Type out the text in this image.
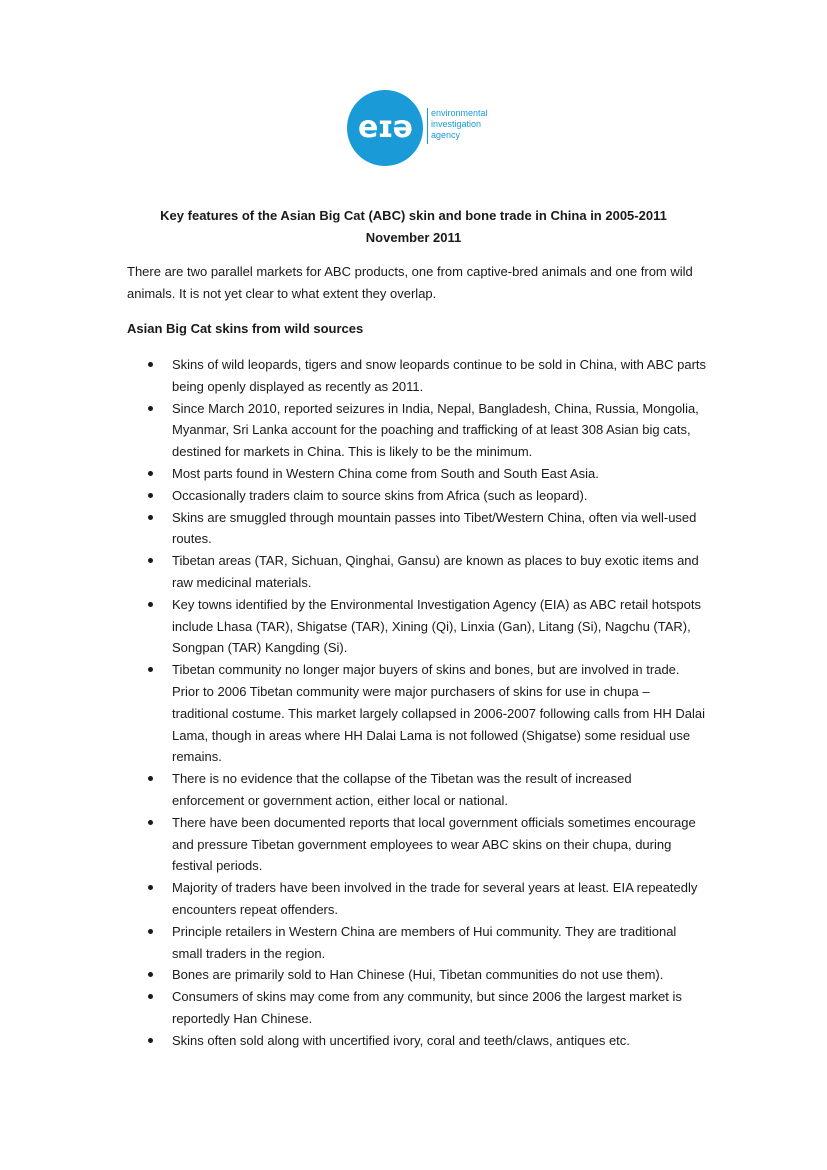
eɪə	environmental
investigation
agency
Key features of the Asian Big Cat (ABC) skin and bone trade in China in 2005-2011
November 2011

There are two parallel markets for ABC products, one from captive-bred animals and one from wild animals. It is not yet clear to what extent they overlap.

Asian Big Cat skins from wild sources
Skins of wild leopards, tigers and snow leopards continue to be sold in China, with ABC parts being openly displayed as recently as 2011.
Since March 2010, reported seizures in India, Nepal, Bangladesh, China, Russia, Mongolia, Myanmar, Sri Lanka account for the poaching and trafficking of at least 308 Asian big cats, destined for markets in China. This is likely to be the minimum.
Most parts found in Western China come from South and South East Asia.
Occasionally traders claim to source skins from Africa (such as leopard).
Skins are smuggled through mountain passes into Tibet/Western China, often via well-used routes.
Tibetan areas (TAR, Sichuan, Qinghai, Gansu) are known as places to buy exotic items and raw medicinal materials.
Key towns identified by the Environmental Investigation Agency (EIA) as ABC retail hotspots include Lhasa (TAR), Shigatse (TAR), Xining (Qi), Linxia (Gan), Litang (Si), Nagchu (TAR), Songpan (TAR) Kangding (Si).
Tibetan community no longer major buyers of skins and bones, but are involved in trade. Prior to 2006 Tibetan community were major purchasers of skins for use in chupa – traditional costume. This market largely collapsed in 2006-2007 following calls from HH Dalai Lama, though in areas where HH Dalai Lama is not followed (Shigatse) some residual use remains.
There is no evidence that the collapse of the Tibetan was the result of increased enforcement or government action, either local or national.
There have been documented reports that local government officials sometimes encourage and pressure Tibetan government employees to wear ABC skins on their chupa, during festival periods.
Majority of traders have been involved in the trade for several years at least. EIA repeatedly encounters repeat offenders.
Principle retailers in Western China are members of Hui community. They are traditional small traders in the region.
Bones are primarily sold to Han Chinese (Hui, Tibetan communities do not use them).
Consumers of skins may come from any community, but since 2006 the largest market is reportedly Han Chinese.
Skins often sold along with uncertified ivory, coral and teeth/claws, antiques etc.
